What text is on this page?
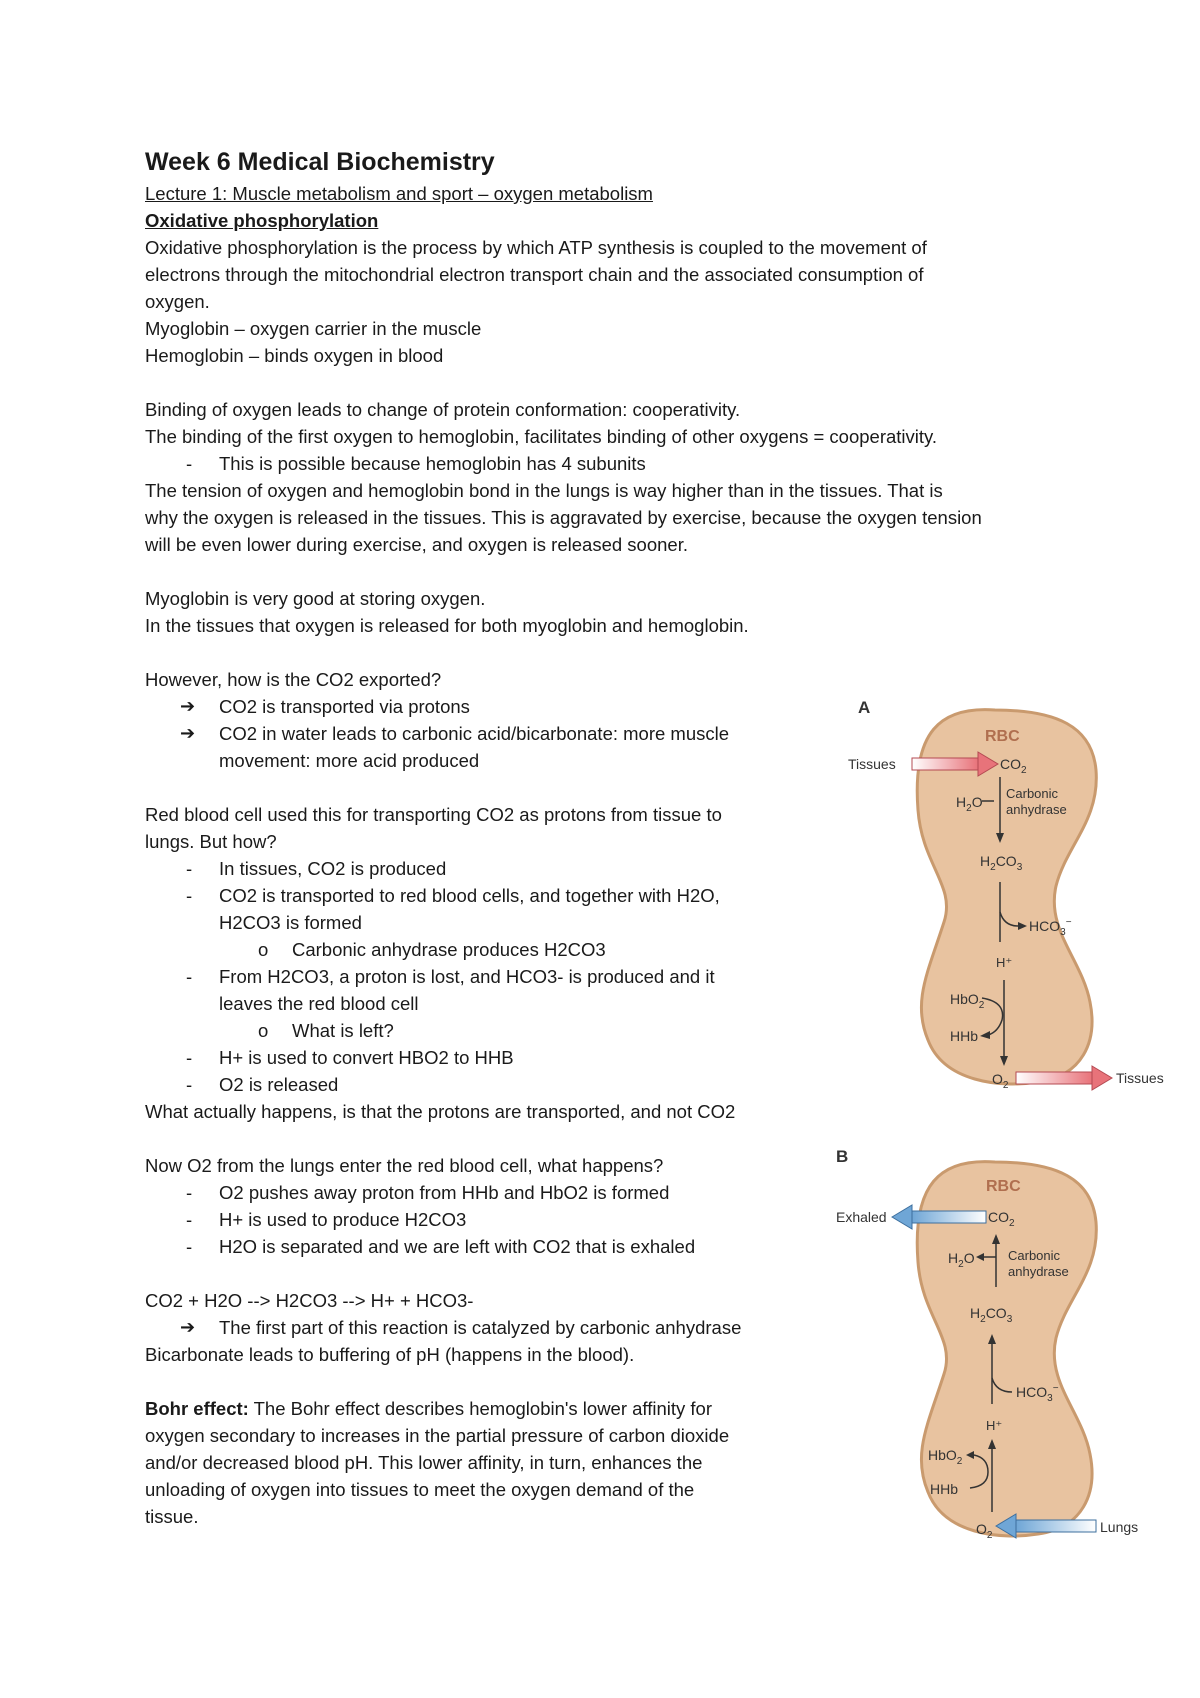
Week 6 Medical Biochemistry
Lecture 1: Muscle metabolism and sport – oxygen metabolism
Oxidative phosphorylation
Oxidative phosphorylation is the process by which ATP synthesis is coupled to the movement of
electrons through the mitochondrial electron transport chain and the associated consumption of
oxygen.
Myoglobin – oxygen carrier in the muscle
Hemoglobin – binds oxygen in blood
Binding of oxygen leads to change of protein conformation: cooperativity.
The binding of the first oxygen to hemoglobin, facilitates binding of other oxygens = cooperativity.
- This is possible because hemoglobin has 4 subunits
The tension of oxygen and hemoglobin bond in the lungs is way higher than in the tissues. That is
why the oxygen is released in the tissues. This is aggravated by exercise, because the oxygen tension
will be even lower during exercise, and oxygen is released sooner.
Myoglobin is very good at storing oxygen.
In the tissues that oxygen is released for both myoglobin and hemoglobin.
However, how is the CO2 exported?
➔ CO2 is transported via protons
➔ CO2 in water leads to carbonic acid/bicarbonate: more muscle
movement: more acid produced
Red blood cell used this for transporting CO2 as protons from tissue to
lungs. But how?
- In tissues, CO2 is produced
- CO2 is transported to red blood cells, and together with H2O,
H2CO3 is formed
o Carbonic anhydrase produces H2CO3
- From H2CO3, a proton is lost, and HCO3- is produced and it
leaves the red blood cell
o What is left?
- H+ is used to convert HBO2 to HHB
- O2 is released
What actually happens, is that the protons are transported, and not CO2
Now O2 from the lungs enter the red blood cell, what happens?
- O2 pushes away proton from HHb and HbO2 is formed
- H+ is used to produce H2CO3
- H2O is separated and we are left with CO2 that is exhaled
CO2 + H2O --> H2CO3 --> H+ + HCO3-
➔ The first part of this reaction is catalyzed by carbonic anhydrase
Bicarbonate leads to buffering of pH (happens in the blood).
Bohr effect: The Bohr effect describes hemoglobin's lower affinity for
oxygen secondary to increases in the partial pressure of carbon dioxide
and/or decreased blood pH. This lower affinity, in turn, enhances the
unloading of oxygen into tissues to meet the oxygen demand of the
tissue.
A
RBC
Tissues	$CO_2$
$H_2O$
Carbonic
anhydrase
$H_2CO_3$
$HCO_3^-$
H⁺
HbO$_2$
HHb
$O_2$	Tissues
B
RBC
Exhaled	$CO_2$
$H_2O$	Carbonic
anhydrase
$H_2CO_3$
$HCO_3^-$
H⁺
HbO$_2$
HHb
$O_2$
Lungs
